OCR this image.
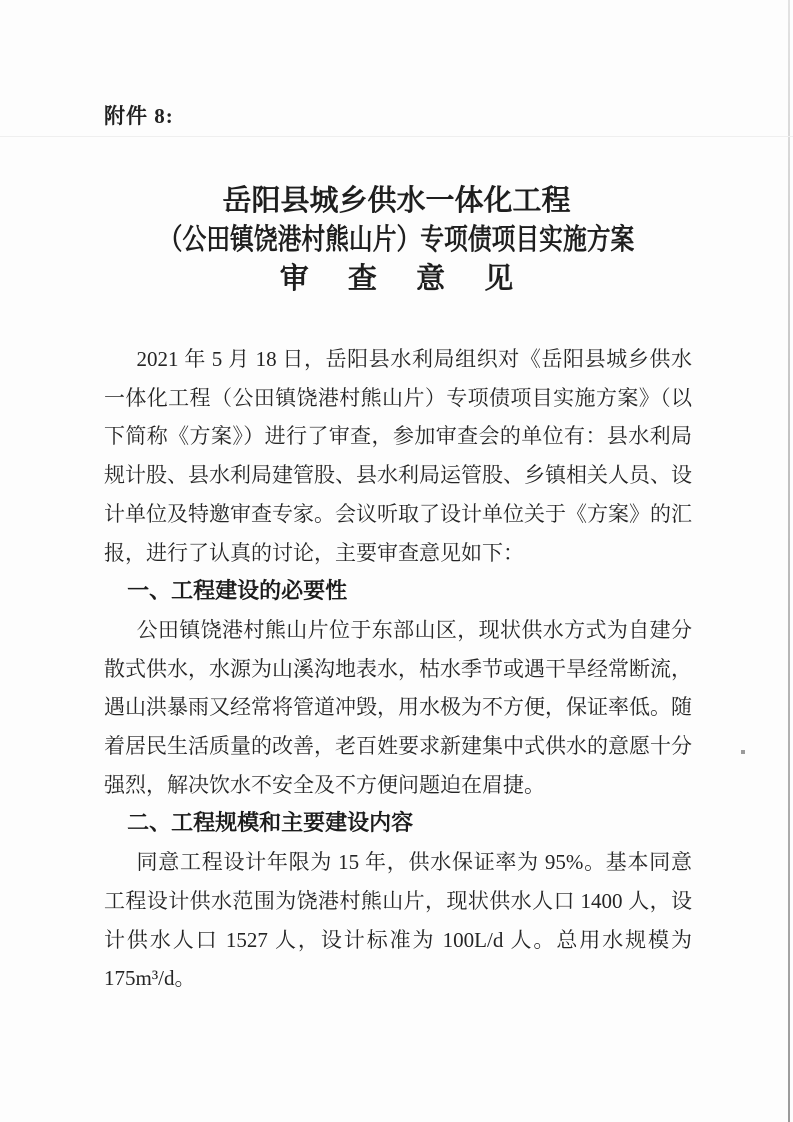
附件 8:
岳阳县城乡供水一体化工程
（公田镇饶港村熊山片）专项债项目实施方案
审查意见

2021 年 5 月 18 日，岳阳县水利局组织对《岳阳县城乡供水一体化工程（公田镇饶港村熊山片）专项债项目实施方案》（以下简称《方案》）进行了审查，参加审查会的单位有：县水利局规计股、县水利局建管股、县水利局运管股、乡镇相关人员、设计单位及特邀审查专家。会议听取了设计单位关于《方案》的汇报，进行了认真的讨论，主要审查意见如下：

一、工程建设的必要性

公田镇饶港村熊山片位于东部山区，现状供水方式为自建分散式供水，水源为山溪沟地表水，枯水季节或遇干旱经常断流，遇山洪暴雨又经常将管道冲毁，用水极为不方便，保证率低。随着居民生活质量的改善，老百姓要求新建集中式供水的意愿十分强烈，解决饮水不安全及不方便问题迫在眉捷。

二、工程规模和主要建设内容

同意工程设计年限为 15 年，供水保证率为 95%。基本同意工程设计供水范围为饶港村熊山片，现状供水人口 1400 人，设计供水人口 1527 人，设计标准为 100L/d 人。总用水规模为 175m³/d。
